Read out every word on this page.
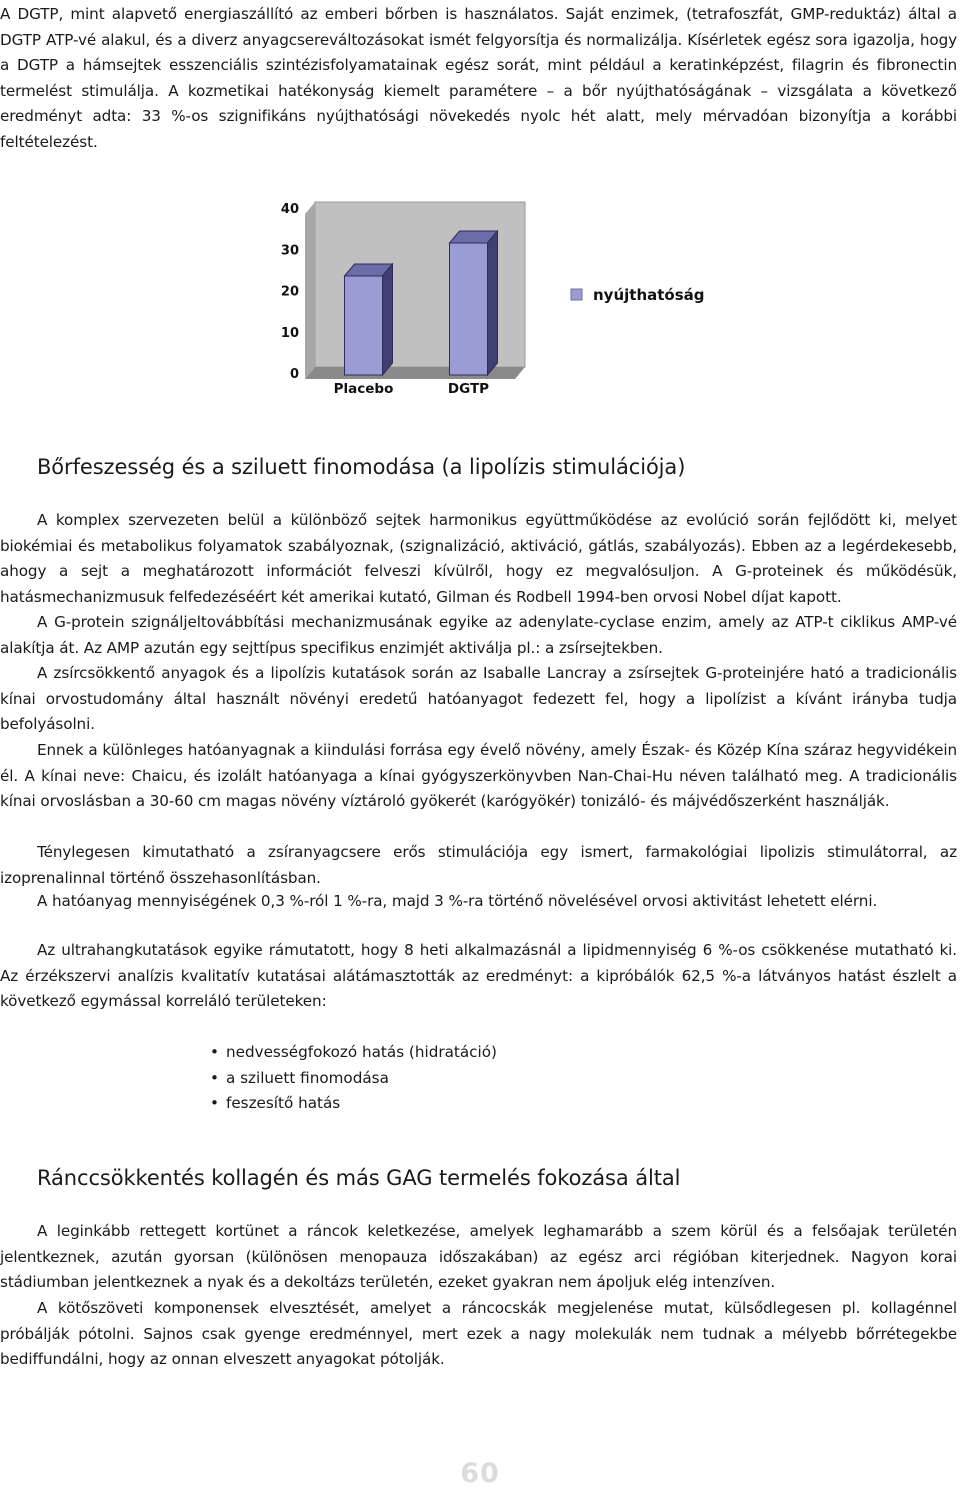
A DGTP, mint alapvető energiaszállító az emberi bőrben is használatos. Saját enzimek, (tetrafoszfát, GMP-reduktáz) által a DGTP ATP-vé alakul, és a diverz anyagcsereváltozásokat ismét felgyorsítja és normalizálja. Kísérletek egész sora igazolja, hogy a DGTP a hámsejtek esszenciális szintézisfolyamatainak egész sorát, mint például a keratinképzést, filagrin és fibronectin termelést stimulálja. A kozmetikai hatékonyság kiemelt paramétere – a bőr nyújthatóságának – vizsgálata a következő eredményt adta: 33 %-os szignifikáns nyújthatósági növekedés nyolc hét alatt, mely mérvadóan bizonyítja a korábbi feltételezést.

0
10
20
30
40
Placebo	DGTP
nyújthatóság
Bőrfeszesség és a sziluett finomodása (a lipolízis stimulációja)

A komplex szervezeten belül a különböző sejtek harmonikus együttműködése az evolúció során fejlődött ki, melyet biokémiai és metabolikus folyamatok szabályoznak, (szignalizáció, aktiváció, gátlás, szabályozás). Ebben az a legérdekesebb, ahogy a sejt a meghatározott információt felveszi kívülről, hogy ez megvalósuljon. A G-proteinek és működésük, hatásmechanizmusuk felfedezéséért két amerikai kutató, Gilman és Rodbell 1994-ben orvosi Nobel díjat kapott.

A G-protein szignáljeltovábbítási mechanizmusának egyike az adenylate-cyclase enzim, amely az ATP-t ciklikus AMP-vé alakítja át. Az AMP azután egy sejttípus specifikus enzimjét aktiválja pl.: a zsírsejtekben.

A zsírcsökkentő anyagok és a lipolízis kutatások során az Isaballe Lancray a zsírsejtek G-proteinjére ható a tradicionális kínai orvostudomány által használt növényi eredetű hatóanyagot fedezett fel, hogy a lipolízist a kívánt irányba tudja befolyásolni.

Ennek a különleges hatóanyagnak a kiindulási forrása egy évelő növény, amely Észak- és Közép Kína száraz hegyvidékein él. A kínai neve: Chaicu, és izolált hatóanyaga a kínai gyógyszerkönyvben Nan-Chai-Hu néven található meg. A tradicionális kínai orvoslásban a 30-60 cm magas növény víztároló gyökerét (karógyökér) tonizáló- és májvédőszerként használják.

Ténylegesen kimutatható a zsíranyagcsere erős stimulációja egy ismert, farmakológiai lipolizis stimulátorral, az izoprenalinnal történő összehasonlításban.

A hatóanyag mennyiségének 0,3 %-ról 1 %-ra, majd 3 %-ra történő növelésével orvosi aktivitást lehetett elérni.

Az ultrahangkutatások egyike rámutatott, hogy 8 heti alkalmazásnál a lipidmennyiség 6 %-os csökkenése mutatható ki. Az érzékszervi analízis kvalitatív kutatásai alátámasztották az eredményt: a kipróbálók 62,5 %-a látványos hatást észlelt a következő egymással korreláló területeken:

• nedvességfokozó hatás (hidratáció)
• a sziluett finomodása
• feszesítő hatás
Ránccsökkentés kollagén és más GAG termelés fokozása által

A leginkább rettegett kortünet a ráncok keletkezése, amelyek leghamarább a szem körül és a felsőajak területén jelentkeznek, azután gyorsan (különösen menopauza időszakában) az egész arci régióban kiterjednek. Nagyon korai stádiumban jelentkeznek a nyak és a dekoltázs területén, ezeket gyakran nem ápoljuk elég intenzíven.

A kötőszöveti komponensek elvesztését, amelyet a ráncocskák megjelenése mutat, külsődlegesen pl. kollagénnel próbálják pótolni. Sajnos csak gyenge eredménnyel, mert ezek a nagy molekulák nem tudnak a mélyebb bőrrétegekbe bediffundálni, hogy az onnan elveszett anyagokat pótolják.

60
